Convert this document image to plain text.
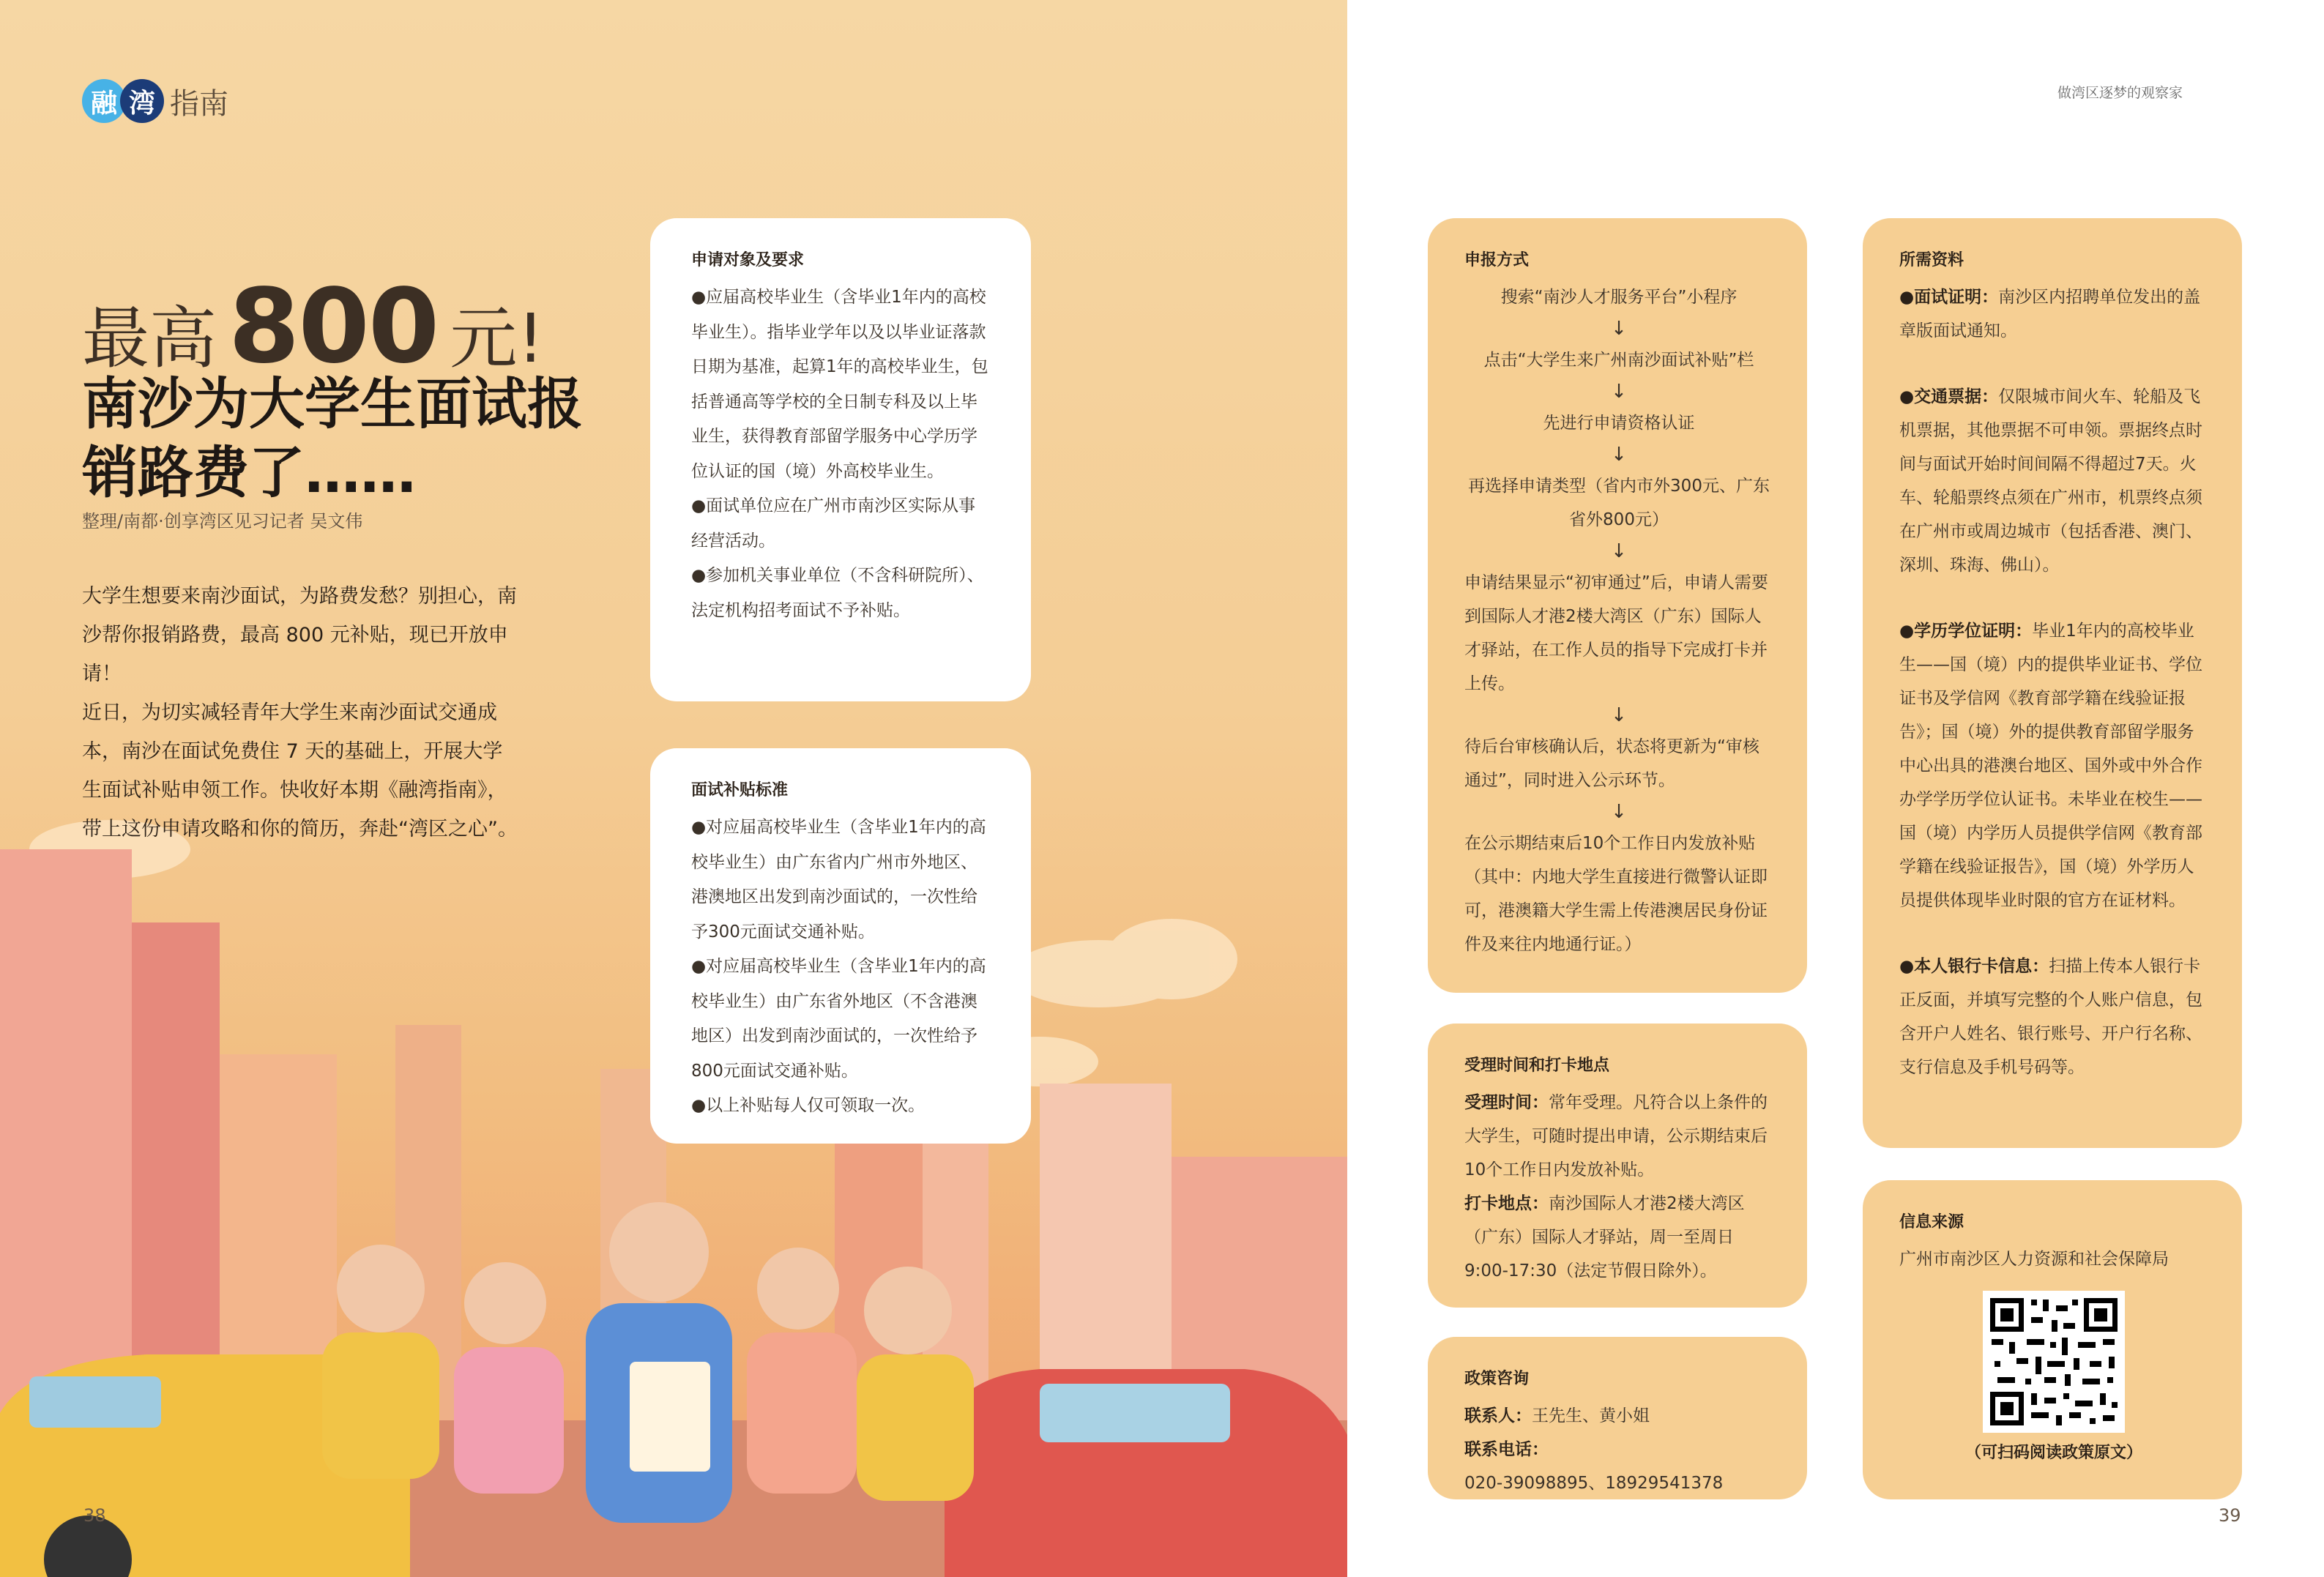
融 湾 指南
最高 800 元!
南沙为大学生面试报销路费了……
整理/南都·创享湾区见习记者 吴文伟

大学生想要来南沙面试，为路费发愁？别担心，南沙帮你报销路费，最高 800 元补贴，现已开放申请！

近日，为切实减轻青年大学生来南沙面试交通成本，南沙在面试免费住 7 天的基础上，开展大学生面试补贴申领工作。快收好本期《融湾指南》，带上这份申请攻略和你的简历，奔赴“湾区之心”。

申请对象及要求

●应届高校毕业生（含毕业1年内的高校毕业生）。指毕业学年以及以毕业证落款日期为基准，起算1年的高校毕业生，包括普通高等学校的全日制专科及以上毕业生，获得教育部留学服务中心学历学位认证的国（境）外高校毕业生。

●面试单位应在广州市南沙区实际从事经营活动。

●参加机关事业单位（不含科研院所）、法定机构招考面试不予补贴。

面试补贴标准

●对应届高校毕业生（含毕业1年内的高校毕业生）由广东省内广州市外地区、港澳地区出发到南沙面试的，一次性给予300元面试交通补贴。

●对应届高校毕业生（含毕业1年内的高校毕业生）由广东省外地区（不含港澳地区）出发到南沙面试的，一次性给予800元面试交通补贴。

●以上补贴每人仅可领取一次。

38
做湾区逐梦的观察家
申报方式

搜索“南沙人才服务平台”小程序

↓

点击“大学生来广州南沙面试补贴”栏

↓

先进行申请资格认证

↓

再选择申请类型（省内市外300元、广东省外800元）

↓

申请结果显示“初审通过”后，申请人需要到国际人才港2楼大湾区（广东）国际人才驿站，在工作人员的指导下完成打卡并上传。

↓

待后台审核确认后，状态将更新为“审核通过”，同时进入公示环节。

↓

在公示期结束后10个工作日内发放补贴（其中：内地大学生直接进行微警认证即可，港澳籍大学生需上传港澳居民身份证件及来往内地通行证。）

受理时间和打卡地点

受理时间：常年受理。凡符合以上条件的大学生，可随时提出申请，公示期结束后10个工作日内发放补贴。

打卡地点：南沙国际人才港2楼大湾区（广东）国际人才驿站，周一至周日9:00-17:30（法定节假日除外）。

政策咨询

联系人：王先生、黄小姐

联系电话：

020-39098895、18929541378

所需资料

●面试证明：南沙区内招聘单位发出的盖章版面试通知。

●交通票据：仅限城市间火车、轮船及飞机票据，其他票据不可申领。票据终点时间与面试开始时间间隔不得超过7天。火车、轮船票终点须在广州市，机票终点须在广州市或周边城市（包括香港、澳门、深圳、珠海、佛山）。

●学历学位证明：毕业1年内的高校毕业生——国（境）内的提供毕业证书、学位证书及学信网《教育部学籍在线验证报告》；国（境）外的提供教育部留学服务中心出具的港澳台地区、国外或中外合作办学学历学位认证书。未毕业在校生——国（境）内学历人员提供学信网《教育部学籍在线验证报告》，国（境）外学历人员提供体现毕业时限的官方在证材料。

●本人银行卡信息：扫描上传本人银行卡正反面，并填写完整的个人账户信息，包含开户人姓名、银行账号、开户行名称、支行信息及手机号码等。

信息来源

广州市南沙区人力资源和社会保障局

（可扫码阅读政策原文）
39
